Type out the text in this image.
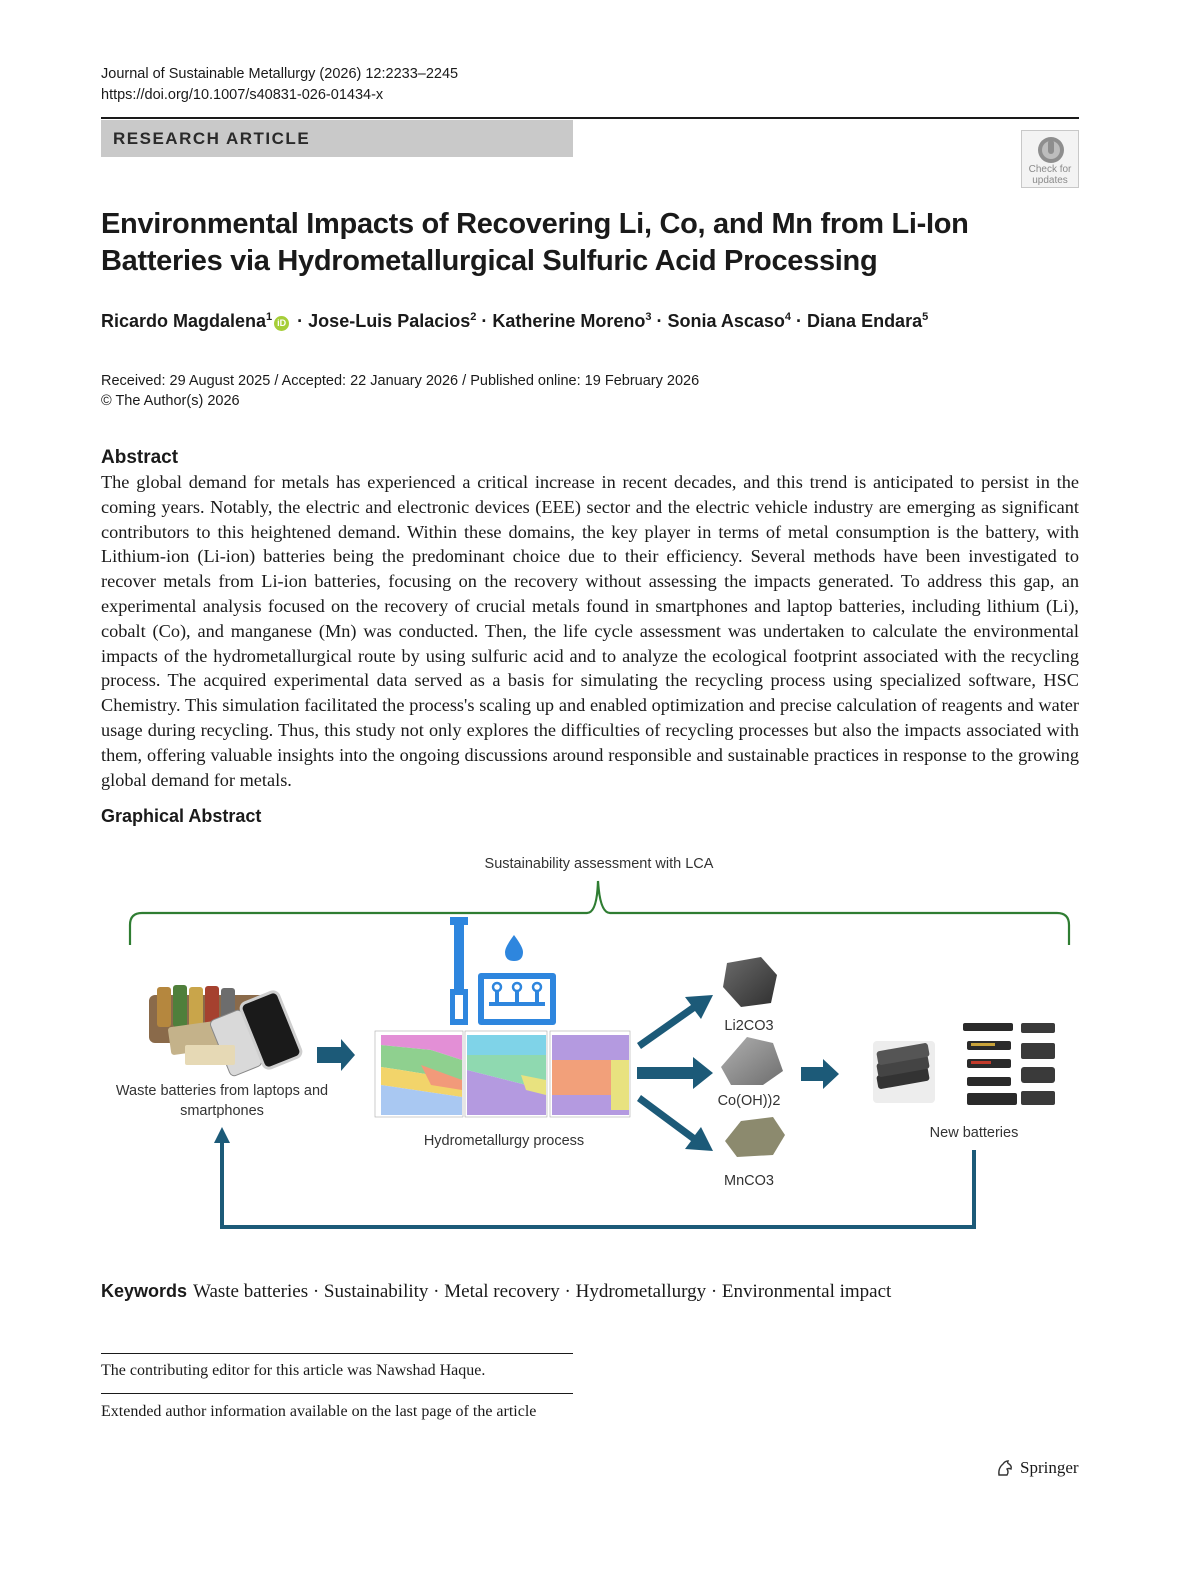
Journal of Sustainable Metallurgy (2026) 12:2233–2245
https://doi.org/10.1007/s40831-026-01434-x
RESEARCH ARTICLE
Check for updates
Environmental Impacts of Recovering Li, Co, and Mn from Li-Ion Batteries via Hydrometallurgical Sulfuric Acid Processing
Ricardo Magdalena$^1$ iD · Jose-Luis Palacios$^2$ · Katherine Moreno$^3$ · Sonia Ascaso$^4$ · Diana Endara$^5$
Received: 29 August 2025 / Accepted: 22 January 2026 / Published online: 19 February 2026
© The Author(s) 2026
Abstract
The global demand for metals has experienced a critical increase in recent decades, and this trend is anticipated to persist in the coming years. Notably, the electric and electronic devices (EEE) sector and the electric vehicle industry are emerging as significant contributors to this heightened demand. Within these domains, the key player in terms of metal consumption is the battery, with Lithium-ion (Li-ion) batteries being the predominant choice due to their efficiency. Several methods have been investigated to recover metals from Li-ion batteries, focusing on the recovery without assessing the impacts generated. To address this gap, an experimental analysis focused on the recovery of crucial metals found in smartphones and laptop batteries, including lithium (Li), cobalt (Co), and manganese (Mn) was conducted. Then, the life cycle assessment was undertaken to calculate the environmental impacts of the hydrometallurgical route by using sulfuric acid and to analyze the ecological footprint associated with the recycling process. The acquired experimental data served as a basis for simulating the recycling process using specialized software, HSC Chemistry. This simulation facilitated the process's scaling up and enabled optimization and precise calculation of reagents and water usage during recycling. Thus, this study not only explores the difficulties of recycling processes but also the impacts associated with them, offering valuable insights into the ongoing discussions around responsible and sustainable practices in response to the growing global demand for metals.
Graphical Abstract
Sustainability assessment with LCA
Waste batteries from laptops and
smartphones
Hydrometallurgy process
Li2CO3
Co(OH))2
MnCO3
New batteries
Keywords Waste batteries · Sustainability · Metal recovery · Hydrometallurgy · Environmental impact
The contributing editor for this article was Nawshad Haque.
Extended author information available on the last page of the article
Springer
